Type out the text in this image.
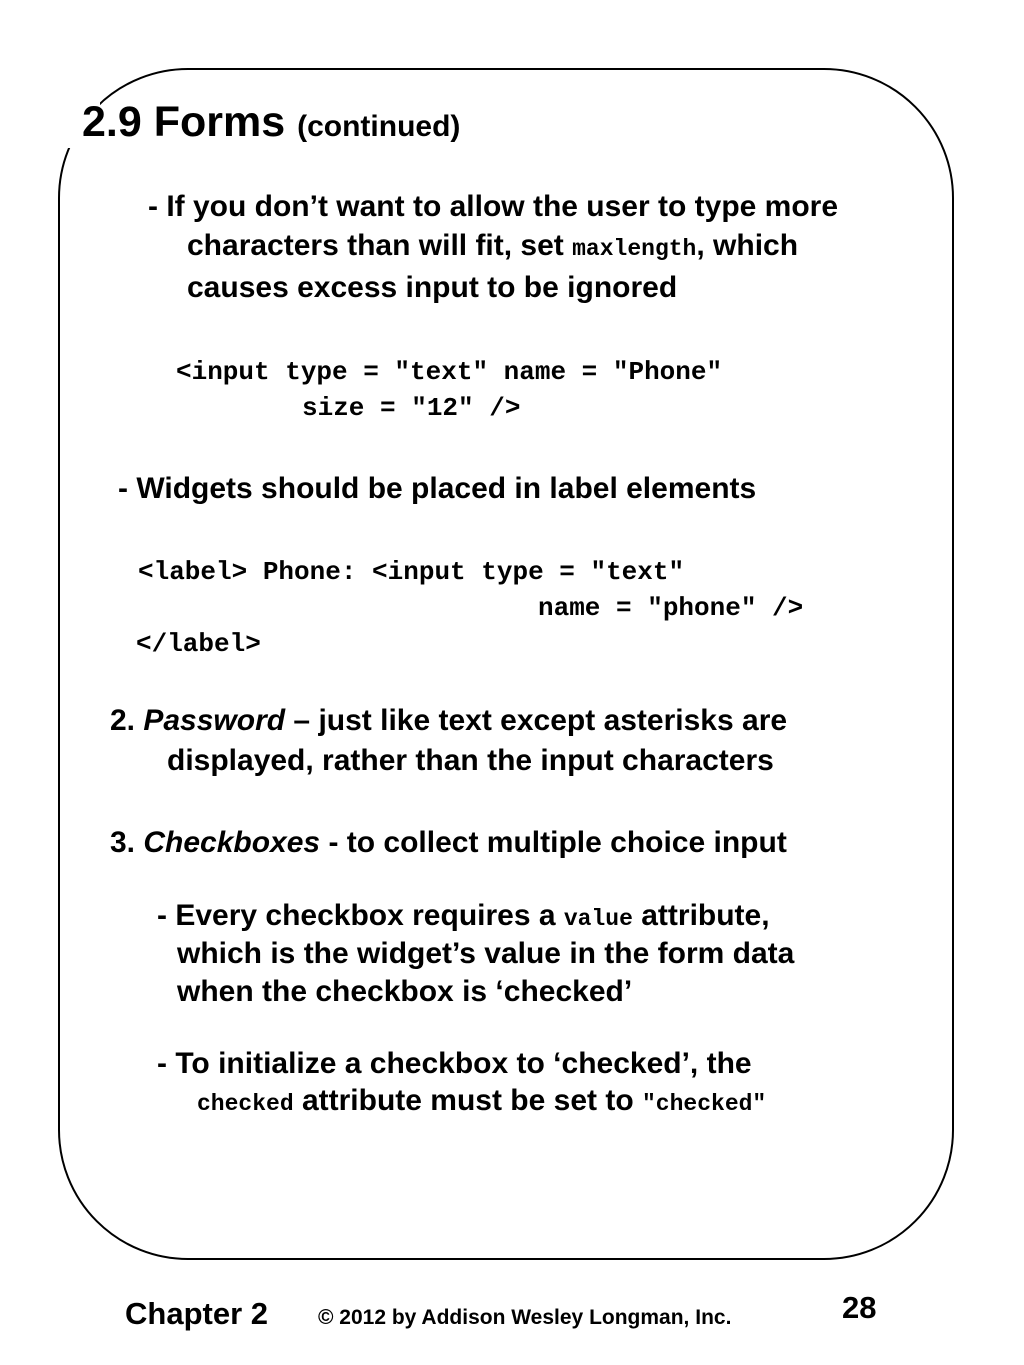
2.9 Forms (continued)
- If you don’t want to allow the user to type more
characters than will fit, set maxlength, which
causes excess input to be ignored
<input type = "text" name = "Phone"
size = "12" />
- Widgets should be placed in label elements
<label> Phone: <input type = "text"
name = "phone" />
</label>
2. Password – just like text except asterisks are
displayed, rather than the input characters
3. Checkboxes - to collect multiple choice input
- Every checkbox requires a value attribute,
which is the widget’s value in the form data
when the checkbox is ‘checked’
- To initialize a checkbox to ‘checked’, the
checked attribute must be set to "checked"
Chapter 2 © 2012 by Addison Wesley Longman, Inc.	28
